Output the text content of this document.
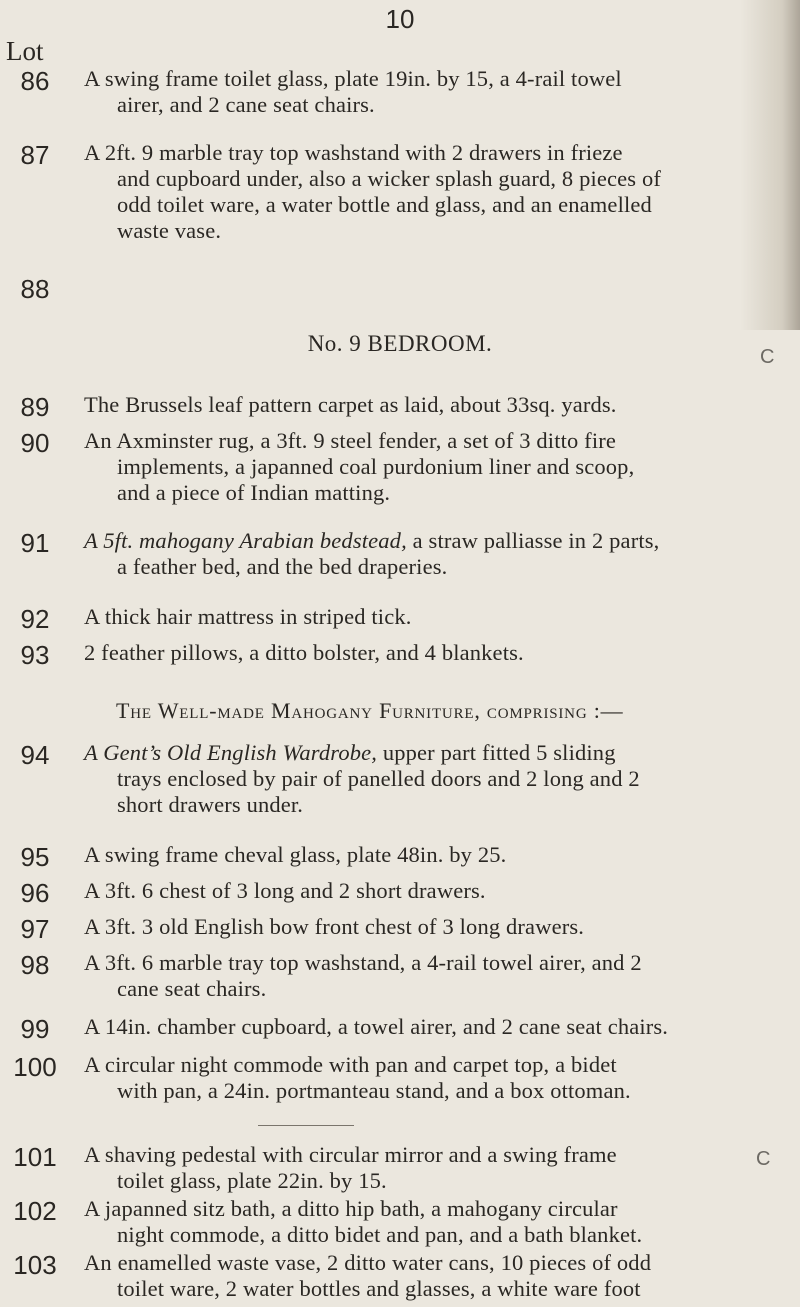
10
Lot
86	A swing frame toilet glass, plate 19in. by 15, a 4-rail towel
airer, and 2 cane seat chairs.
87	A 2ft. 9 marble tray top washstand with 2 drawers in frieze
and cupboard under, also a wicker splash guard, 8 pieces of
odd toilet ware, a water bottle and glass, and an enamelled
waste vase.
88
No. 9 BEDROOM.
89	The Brussels leaf pattern carpet as laid, about 33sq. yards.
90	An Axminster rug, a 3ft. 9 steel fender, a set of 3 ditto fire
implements, a japanned coal purdonium liner and scoop,
and a piece of Indian matting.
91	A 5ft. mahogany Arabian bedstead, a straw palliasse in 2 parts,
a feather bed, and the bed draperies.
92	A thick hair mattress in striped tick.
93	2 feather pillows, a ditto bolster, and 4 blankets.
The Well-made Mahogany Furniture, comprising :—
94	A Gent’s Old English Wardrobe, upper part fitted 5 sliding
trays enclosed by pair of panelled doors and 2 long and 2
short drawers under.
95	A swing frame cheval glass, plate 48in. by 25.
96	A 3ft. 6 chest of 3 long and 2 short drawers.
97	A 3ft. 3 old English bow front chest of 3 long drawers.
98	A 3ft. 6 marble tray top washstand, a 4-rail towel airer, and 2
cane seat chairs.
99	A 14in. chamber cupboard, a towel airer, and 2 cane seat chairs.
100	A circular night commode with pan and carpet top, a bidet
with pan, a 24in. portmanteau stand, and a box ottoman.
101	A shaving pedestal with circular mirror and a swing frame
toilet glass, plate 22in. by 15.
102	A japanned sitz bath, a ditto hip bath, a mahogany circular
night commode, a ditto bidet and pan, and a bath blanket.
103	An enamelled waste vase, 2 ditto water cans, 10 pieces of odd
toilet ware, 2 water bottles and glasses, a white ware foot
C
C
